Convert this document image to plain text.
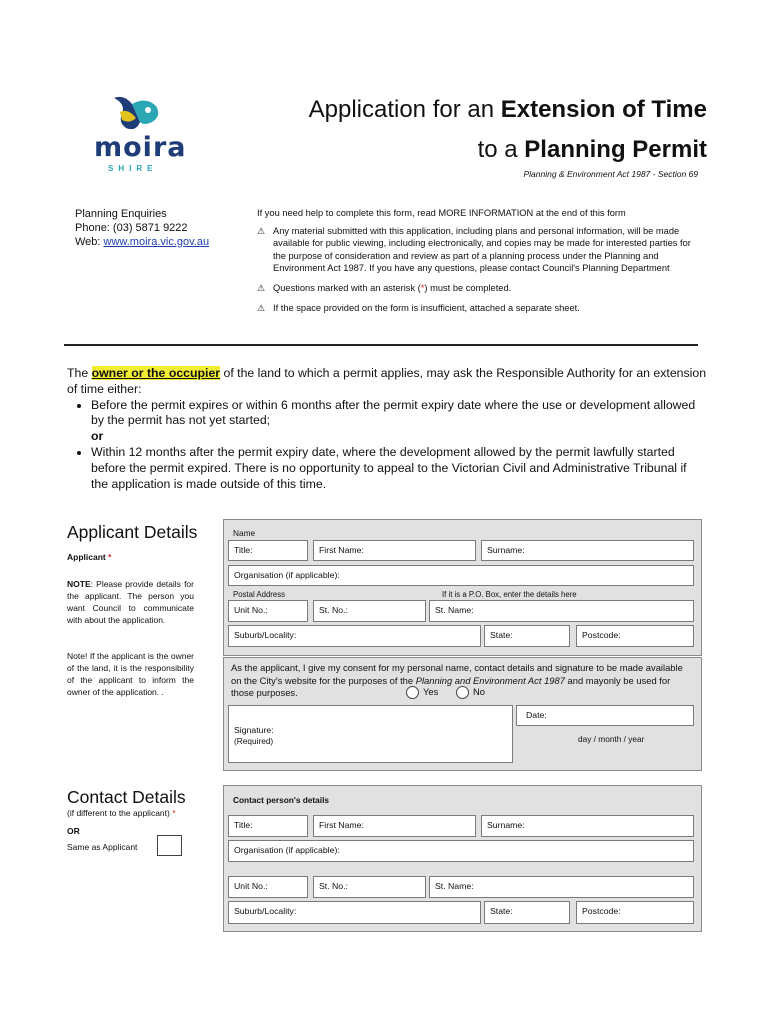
moira
SHIRE
Application for an Extension of Time
to a Planning Permit
Planning & Environment Act 1987 - Section 69
Planning Enquiries
Phone: (03) 5871 9222
Web: www.moira.vic.gov.au
If you need help to complete this form, read MORE INFORMATION at the end of this form
⚠ Any material submitted with this application, including plans and personal information, will be made available for public viewing, including electronically, and copies may be made for interested parties for the purpose of consideration and review as part of a planning process under the Planning and Environment Act 1987. If you have any questions, please contact Council's Planning Department
⚠ Questions marked with an asterisk (*) must be completed.
⚠ If the space provided on the form is insufficient, attached a separate sheet.
The owner or the occupier of the land to which a permit applies, may ask the Responsible Authority for an extension of time either:
• Before the permit expires or within 6 months after the permit expiry date where the use or development allowed by the permit has not yet started;
or
• Within 12 months after the permit expiry date, where the development allowed by the permit lawfully started before the permit expired. There is no opportunity to appeal to the Victorian Civil and Administrative Tribunal if the application is made outside of this time.
Applicant Details
Applicant *
NOTE: Please provide details for the applicant. The person you want Council to communicate with about the application.
Note! If the applicant is the owner of the land, it is the responsibility of the applicant to inform the owner of the application. .
Name
Title:	First Name:	Surname:
Organisation (if applicable):
Postal Address	If it is a P.O. Box, enter the details here
Unit No.:	St. No.:	St. Name:
Suburb/Locality:	State:	Postcode:
As the applicant, I give my consent for my personal name, contact details and signature to be made available on the City's website for the purposes of the Planning and Environment Act 1987 and mayonly be used for those purposes.	Yes	No
Signature:
(Required)
Date:
day / month / year
Contact Details
(if different to the applicant) *
OR
Same as Applicant
Contact person's details
Title:	First Name:	Surname:
Organisation (if applicable):
Unit No.:	St. No.:	St. Name:
Suburb/Locality:	State:	Postcode:
